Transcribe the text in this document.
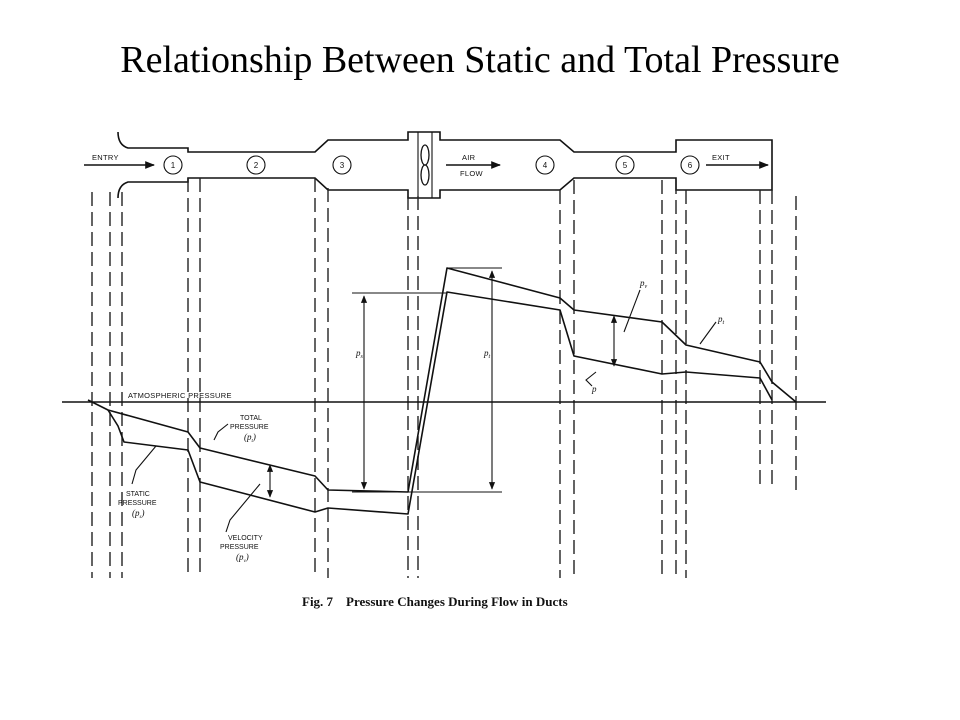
Relationship Between Static and Total Pressure
ENTRY	AIR
FLOW
EXIT
1	2	3	4	5	6
ATMOSPHERIC PRESSURE
$p_s$	$p_t$
$p_v$
p
$p_t$
TOTAL
PRESSURE
$(p_t)$
STATIC
PRESSURE
$(p_s)$
VELOCITY
PRESSURE
$(p_v)$
Fig. 7    Pressure Changes During Flow in Ducts
